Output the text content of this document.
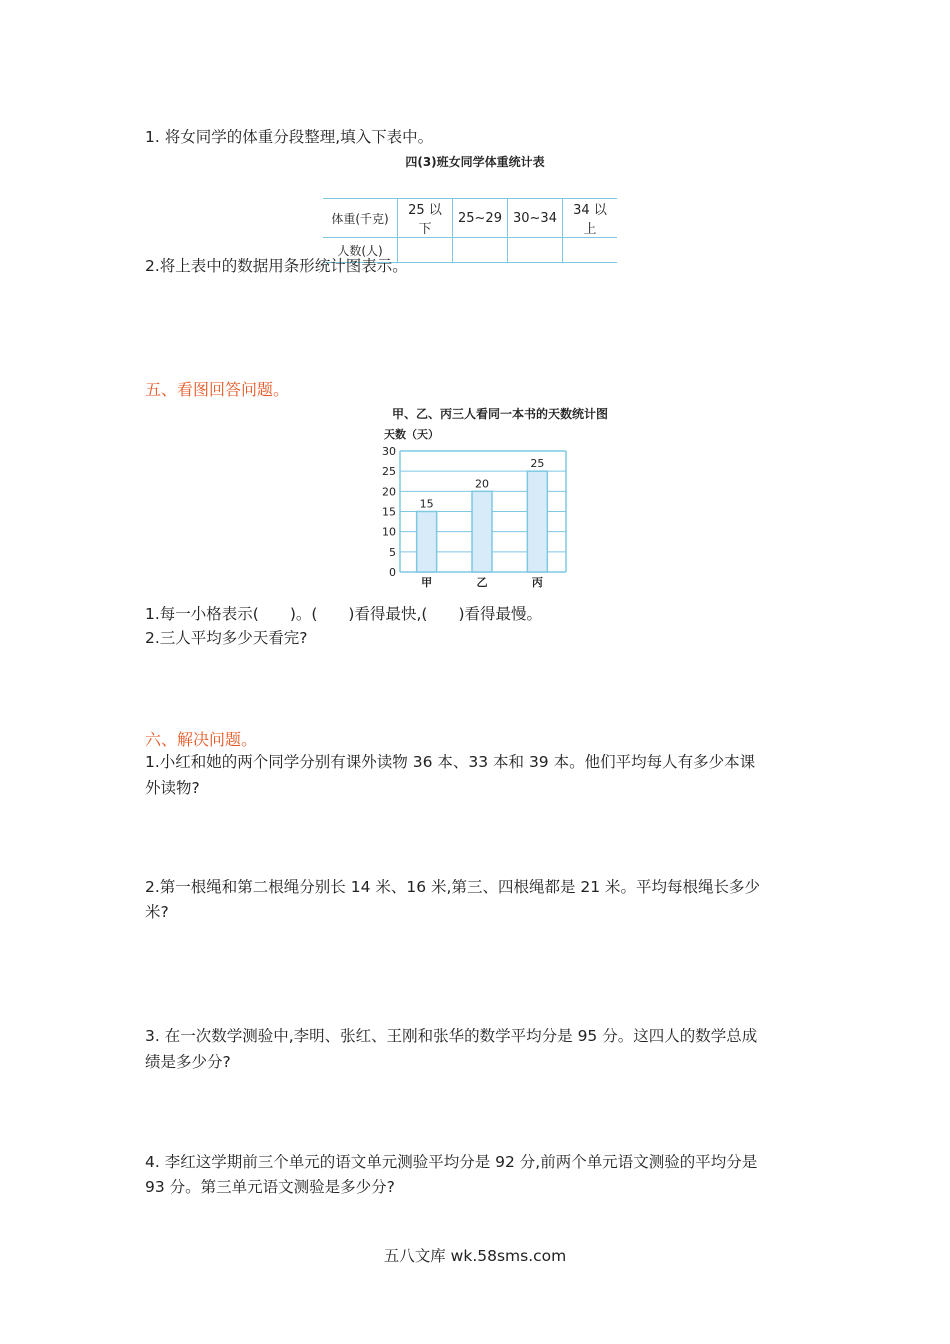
1. 将女同学的体重分段整理,填入下表中。
四(3)班女同学体重统计表
体重(千克)	25 以下	25~29	30~34	34 以上
人数(人)				
2.将上表中的数据用条形统计图表示。
五、看图回答问题。
甲、乙、丙三人看同一本书的天数统计图
天数（天）
0
5
10
15
20
25
30
15
甲
20
乙
25
丙
1.每一小格表示(　　)。(　　)看得最快,(　　)看得最慢。
2.三人平均多少天看完?
六、解决问题。
1.小红和她的两个同学分别有课外读物 36 本、33 本和 39 本。他们平均每人有多少本课
外读物?
2.第一根绳和第二根绳分别长 14 米、16 米,第三、四根绳都是 21 米。平均每根绳长多少
米?
3. 在一次数学测验中,李明、张红、王刚和张华的数学平均分是 95 分。这四人的数学总成
绩是多少分?
4. 李红这学期前三个单元的语文单元测验平均分是 92 分,前两个单元语文测验的平均分是
93 分。第三单元语文测验是多少分?
五八文库 wk.58sms.com
